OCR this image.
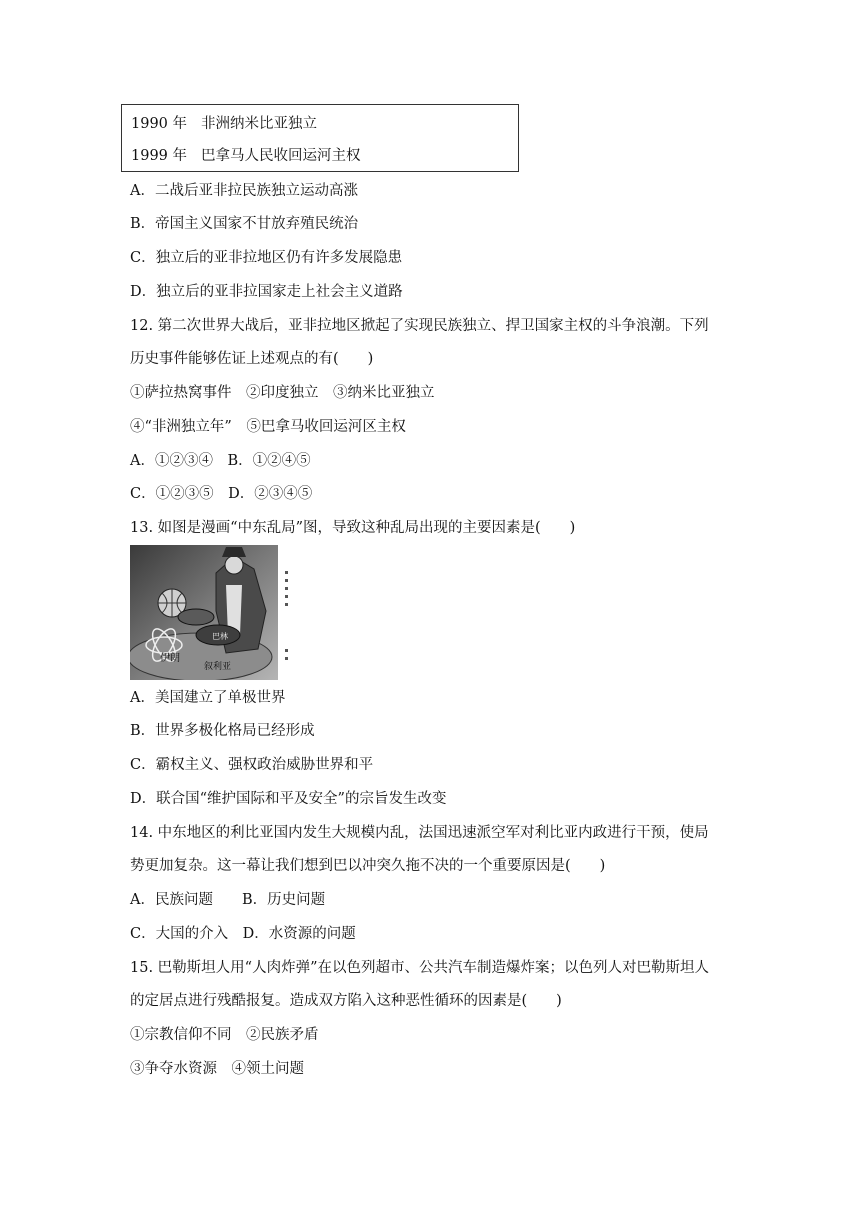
1990 年 非洲纳米比亚独立
1999 年 巴拿马人民收回运河主权
A．二战后亚非拉民族独立运动高涨
B．帝国主义国家不甘放弃殖民统治
C．独立后的亚非拉地区仍有许多发展隐患
D．独立后的亚非拉国家走上社会主义道路
12. 第二次世界大战后，亚非拉地区掀起了实现民族独立、捍卫国家主权的斗争浪潮。下列
历史事件能够佐证上述观点的有(　　)
①萨拉热窝事件　②印度独立　③纳米比亚独立
④“非洲独立年”　⑤巴拿马收回运河区主权
A．①②③④　B．①②④⑤
C．①②③⑤　D．②③④⑤
13. 如图是漫画“中东乱局”图，导致这种乱局出现的主要因素是(　　)
伊朗
叙利亚
巴林
A．美国建立了单极世界
B．世界多极化格局已经形成
C．霸权主义、强权政治威胁世界和平
D．联合国“维护国际和平及安全”的宗旨发生改变
14. 中东地区的利比亚国内发生大规模内乱，法国迅速派空军对利比亚内政进行干预，使局
势更加复杂。这一幕让我们想到巴以冲突久拖不决的一个重要原因是(　　)
A．民族问题　　B．历史问题
C．大国的介入　D．水资源的问题
15. 巴勒斯坦人用“人肉炸弹”在以色列超市、公共汽车制造爆炸案；以色列人对巴勒斯坦人
的定居点进行残酷报复。造成双方陷入这种恶性循环的因素是(　　)
①宗教信仰不同　②民族矛盾
③争夺水资源　④领土问题
